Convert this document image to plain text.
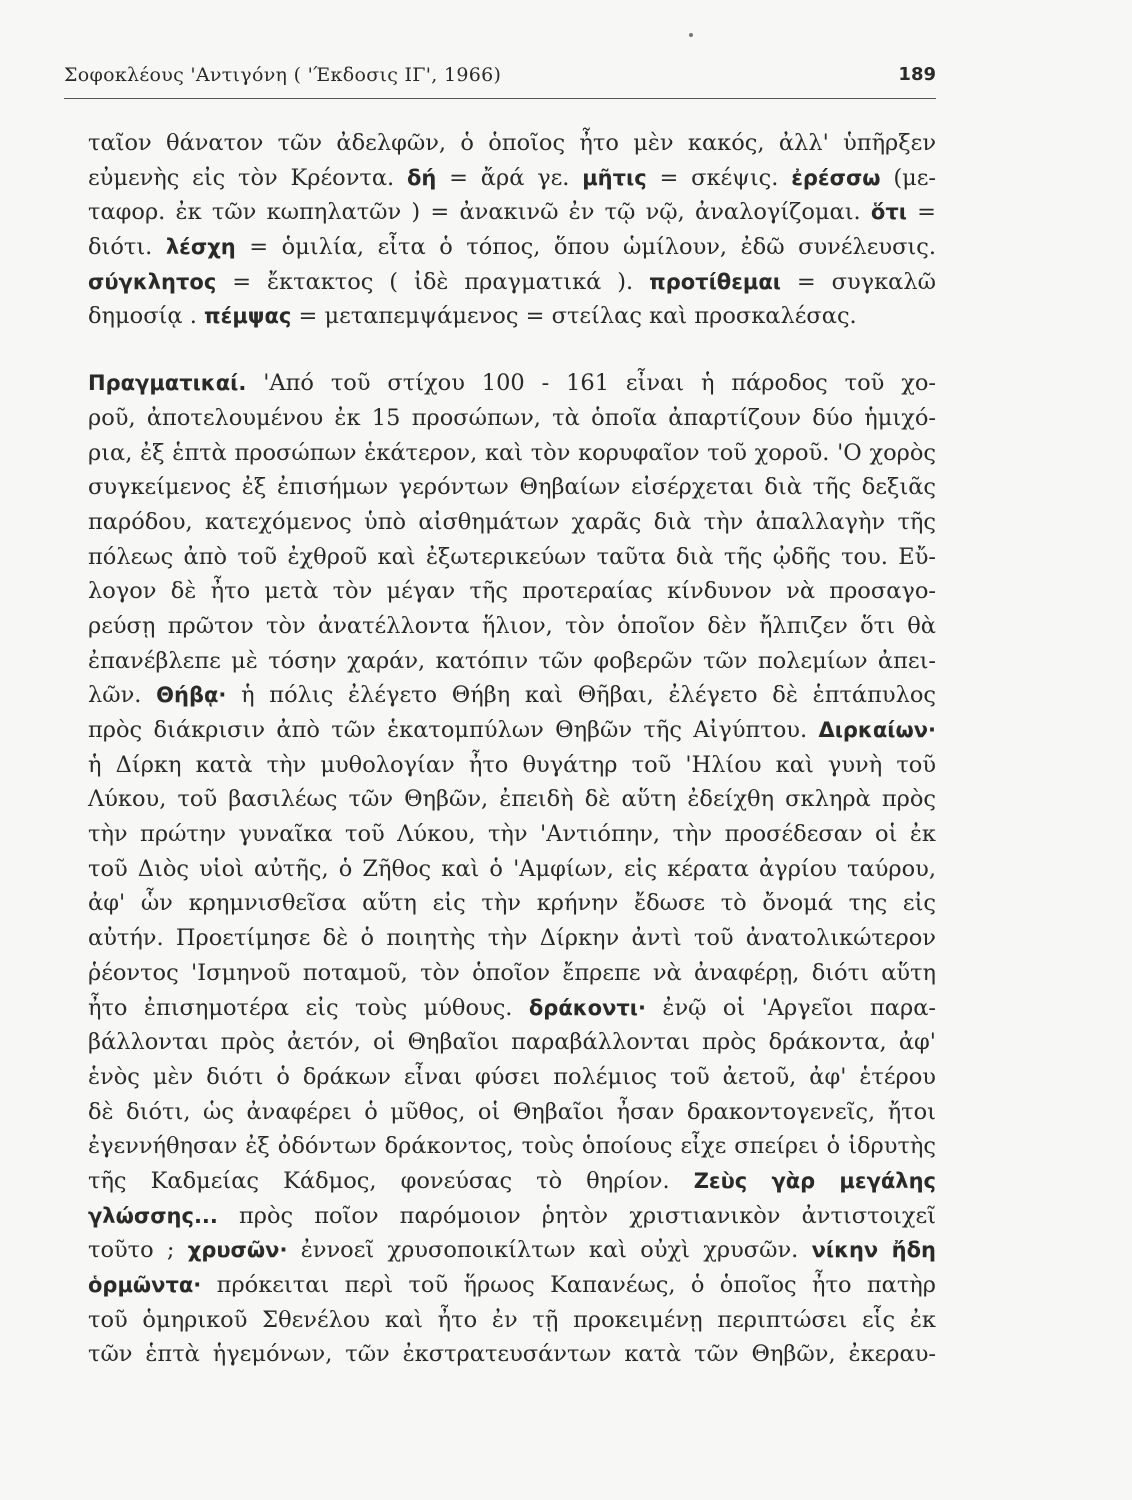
Σοφοκλέους 'Αντιγόνη ( 'Έκδοσις ΙΓ', 1966)	189
ταῖον θάνατον τῶν ἀδελφῶν, ὁ ὁποῖος ἦτο μὲν κακός, ἀλλ' ὑπῆρξεν
εὐμενὴς εἰς τὸν Κρέοντα. δή = ἄρά γε. μῆτις = σκέψις. ἐρέσσω (με-
ταφορ. ἐκ τῶν κωπηλατῶν ) = ἀνακινῶ ἐν τῷ νῷ, ἀναλογίζομαι. ὅτι =
διότι. λέσχη = ὁμιλία, εἶτα ὁ τόπος, ὅπου ὡμίλουν, ἐδῶ συνέλευσις.
σύγκλητος = ἔκτακτος ( ἰδὲ πραγματικά ). προτίθεμαι = συγκαλῶ
δημοσίᾳ . πέμψας = μεταπεμψάμενος = στείλας καὶ προσκαλέσας.
Πραγματικαί. 'Από τοῦ στίχου 100 - 161 εἶναι ἡ πάροδος τοῦ χο-
ροῦ, ἀποτελουμένου ἐκ 15 προσώπων, τὰ ὁποῖα ἀπαρτίζουν δύο ἡμιχό-
ρια, ἐξ ἑπτὰ προσώπων ἑκάτερον, καὶ τὸν κορυφαῖον τοῦ χοροῦ. 'Ο χορὸς
συγκείμενος ἐξ ἐπισήμων γερόντων Θηβαίων εἰσέρχεται διὰ τῆς δεξιᾶς
παρόδου, κατεχόμενος ὑπὸ αἰσθημάτων χαρᾶς διὰ τὴν ἀπαλλαγὴν τῆς
πόλεως ἀπὸ τοῦ ἐχθροῦ καὶ ἐξωτερικεύων ταῦτα διὰ τῆς ᾠδῆς του. Εὔ-
λογον δὲ ἦτο μετὰ τὸν μέγαν τῆς προτεραίας κίνδυνον νὰ προσαγο-
ρεύσῃ πρῶτον τὸν ἀνατέλλοντα ἥλιον, τὸν ὁποῖον δὲν ἤλπιζεν ὅτι θὰ
ἐπανέβλεπε μὲ τόσην χαράν, κατόπιν τῶν φοβερῶν τῶν πολεμίων ἀπει-
λῶν. Θήβᾳ· ἡ πόλις ἐλέγετο Θήβη καὶ Θῆβαι, ἐλέγετο δὲ ἑπτάπυλος
πρὸς διάκρισιν ἀπὸ τῶν ἑκατομπύλων Θηβῶν τῆς Αἰγύπτου. Διρκαίων·
ἡ Δίρκη κατὰ τὴν μυθολογίαν ἦτο θυγάτηρ τοῦ 'Ηλίου καὶ γυνὴ τοῦ
Λύκου, τοῦ βασιλέως τῶν Θηβῶν, ἐπειδὴ δὲ αὕτη ἐδείχθη σκληρὰ πρὸς
τὴν πρώτην γυναῖκα τοῦ Λύκου, τὴν 'Αντιόπην, τὴν προσέδεσαν οἱ ἐκ
τοῦ Διὸς υἱοὶ αὐτῆς, ὁ Ζῆθος καὶ ὁ 'Αμφίων, εἰς κέρατα ἀγρίου ταύρου,
ἀφ' ὧν κρημνισθεῖσα αὕτη εἰς τὴν κρήνην ἔδωσε τὸ ὄνομά της εἰς
αὐτήν. Προετίμησε δὲ ὁ ποιητὴς τὴν Δίρκην ἀντὶ τοῦ ἀνατολικώτερον
ῥέοντος 'Ισμηνοῦ ποταμοῦ, τὸν ὁποῖον ἔπρεπε νὰ ἀναφέρῃ, διότι αὕτη
ἦτο ἐπισημοτέρα εἰς τοὺς μύθους. δράκοντι· ἐνῷ οἱ 'Αργεῖοι παρα-
βάλλονται πρὸς ἀετόν, οἱ Θηβαῖοι παραβάλλονται πρὸς δράκοντα, ἀφ'
ἑνὸς μὲν διότι ὁ δράκων εἶναι φύσει πολέμιος τοῦ ἀετοῦ, ἀφ' ἑτέρου
δὲ διότι, ὡς ἀναφέρει ὁ μῦθος, οἱ Θηβαῖοι ἦσαν δρακοντογενεῖς, ἤτοι
ἐγεννήθησαν ἐξ ὀδόντων δράκοντος, τοὺς ὁποίους εἶχε σπείρει ὁ ἱδρυτὴς
τῆς Καδμείας Κάδμος, φονεύσας τὸ θηρίον. Ζεὺς γὰρ μεγάλης
γλώσσης... πρὸς ποῖον παρόμοιον ῥητὸν χριστιανικὸν ἀντιστοιχεῖ
τοῦτο ; χρυσῶν· ἐννοεῖ χρυσοποικίλτων καὶ οὐχὶ χρυσῶν. νίκην ἤδη
ὁρμῶντα· πρόκειται περὶ τοῦ ἥρωος Καπανέως, ὁ ὁποῖος ἦτο πατὴρ
τοῦ ὁμηρικοῦ Σθενέλου καὶ ἦτο ἐν τῇ προκειμένῃ περιπτώσει εἷς ἐκ
τῶν ἑπτὰ ἡγεμόνων, τῶν ἐκστρατευσάντων κατὰ τῶν Θηβῶν, ἐκεραυ-
